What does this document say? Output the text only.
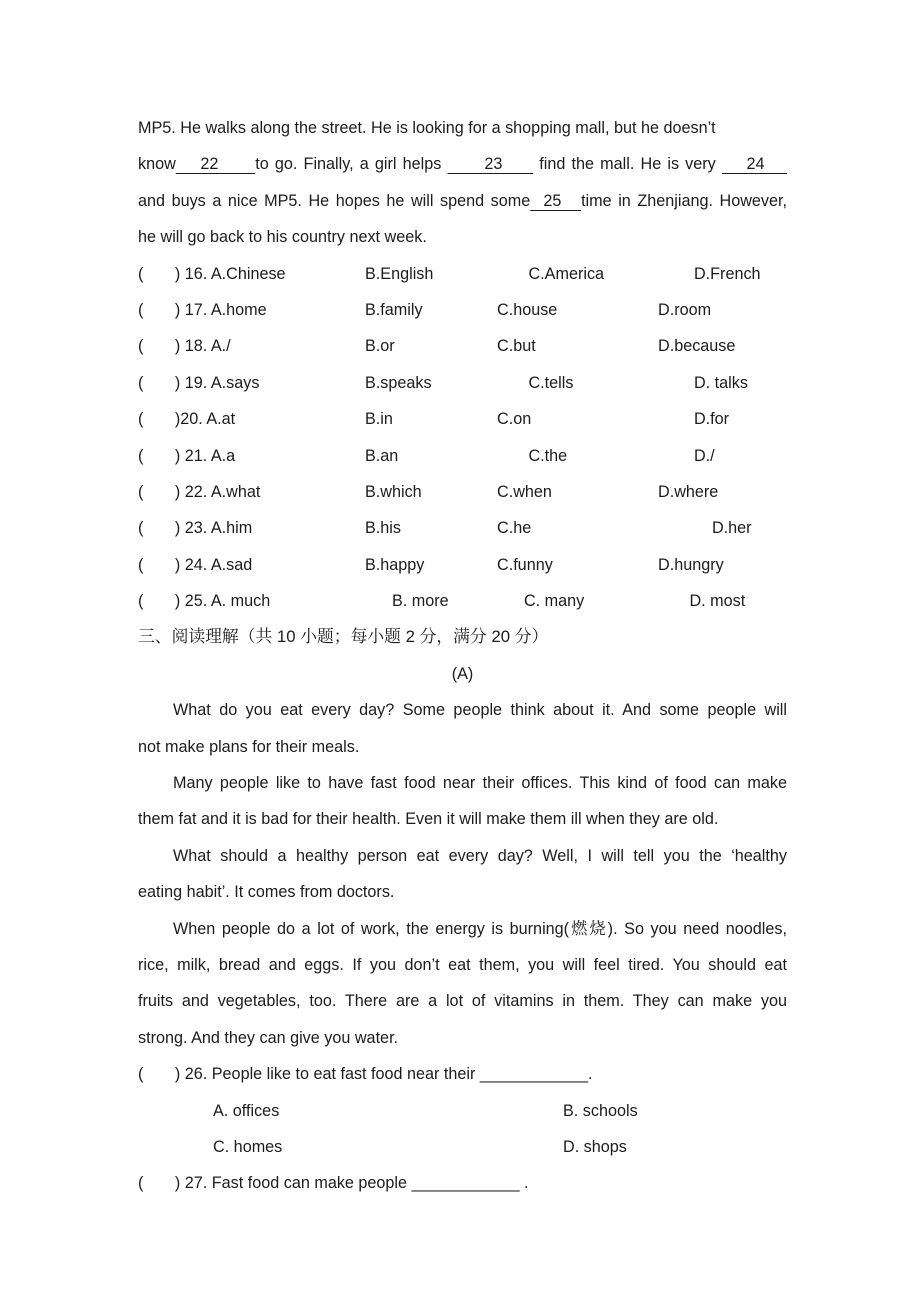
MP5. He walks along the street. He is looking for a shopping mall, but he doesn’t
know    22      to go. Finally, a girl helps       23      find the mall. He is very     24
and buys a nice MP5. He hopes he will spend some  25   time in Zhenjiang. However,
he will go back to his country next week.
(       ) 16. A.Chinese	B.English	C.America	D.French
(       ) 17. A.home	B.family	C.house	D.room
(       ) 18. A./	B.or	C.but	D.because
(       ) 19. A.says	B.speaks	C.tells	D. talks
(       )20. A.at	B.in	C.on	D.for
(       ) 21. A.a	B.an	C.the	D./
(       ) 22. A.what	B.which	C.when	D.where
(       ) 23. A.him	B.his	C.he	D.her
(       ) 24. A.sad	B.happy	C.funny	D.hungry
(       ) 25. A. much	B. more	C. many	D. most
三、阅读理解（共 10 小题；每小题 2 分，满分 20 分）
(A)
What do you eat every day? Some people think about it. And some people will
not make plans for their meals.
Many people like to have fast food near their offices. This kind of food can make
them fat and it is bad for their health. Even it will make them ill when they are old.
What should a healthy person eat every day? Well, I will tell you the ‘healthy
eating habit’. It comes from doctors.
When people do a lot of work, the energy is burning(燃烧). So you need noodles,
rice, milk, bread and eggs. If you don’t eat them, you will feel tired. You should eat
fruits and vegetables, too. There are a lot of vitamins in them. They can make you
strong. And they can give you water.
(       ) 26. People like to eat fast food near their ____________.
A. offices	B. schools
C. homes	D. shops
(       ) 27. Fast food can make people ____________ .
